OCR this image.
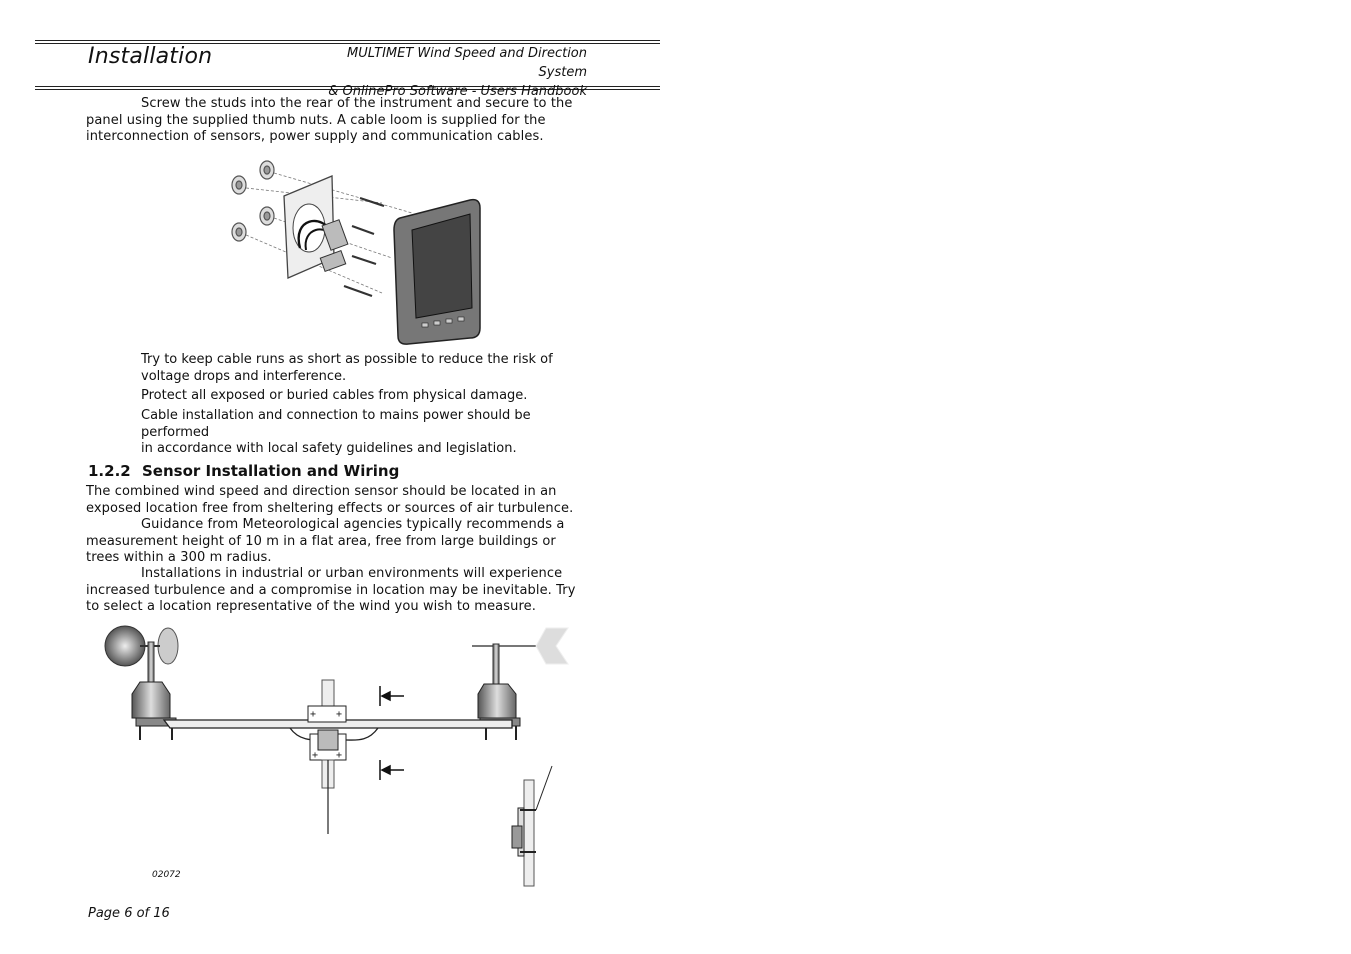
Installation	MULTIMET Wind Speed and Direction System
& OnlinePro Software - Users Handbook
Screw the studs into the rear of the instrument and secure to the panel using the supplied thumb nuts. A cable loom is supplied for the interconnection of sensors, power supply and communication cables.
Try to keep cable runs as short as possible to reduce the risk of voltage drops and interference.
Protect all exposed or buried cables from physical damage.
Cable installation and connection to mains power should be performed
in accordance with local safety guidelines and legislation.
1.2.2 Sensor Installation and Wiring
The combined wind speed and direction sensor should be located in an exposed location free from sheltering effects or sources of air turbulence.
Guidance from Meteorological agencies typically recommends a measurement height of 10 m in a flat area, free from large buildings or trees within a 300 m radius.
Installations in industrial or urban environments will experience increased turbulence and a compromise in location may be inevitable. Try to select a location representative of the wind you wish to measure.
+ +
+ +
02072
Page 6 of 16
